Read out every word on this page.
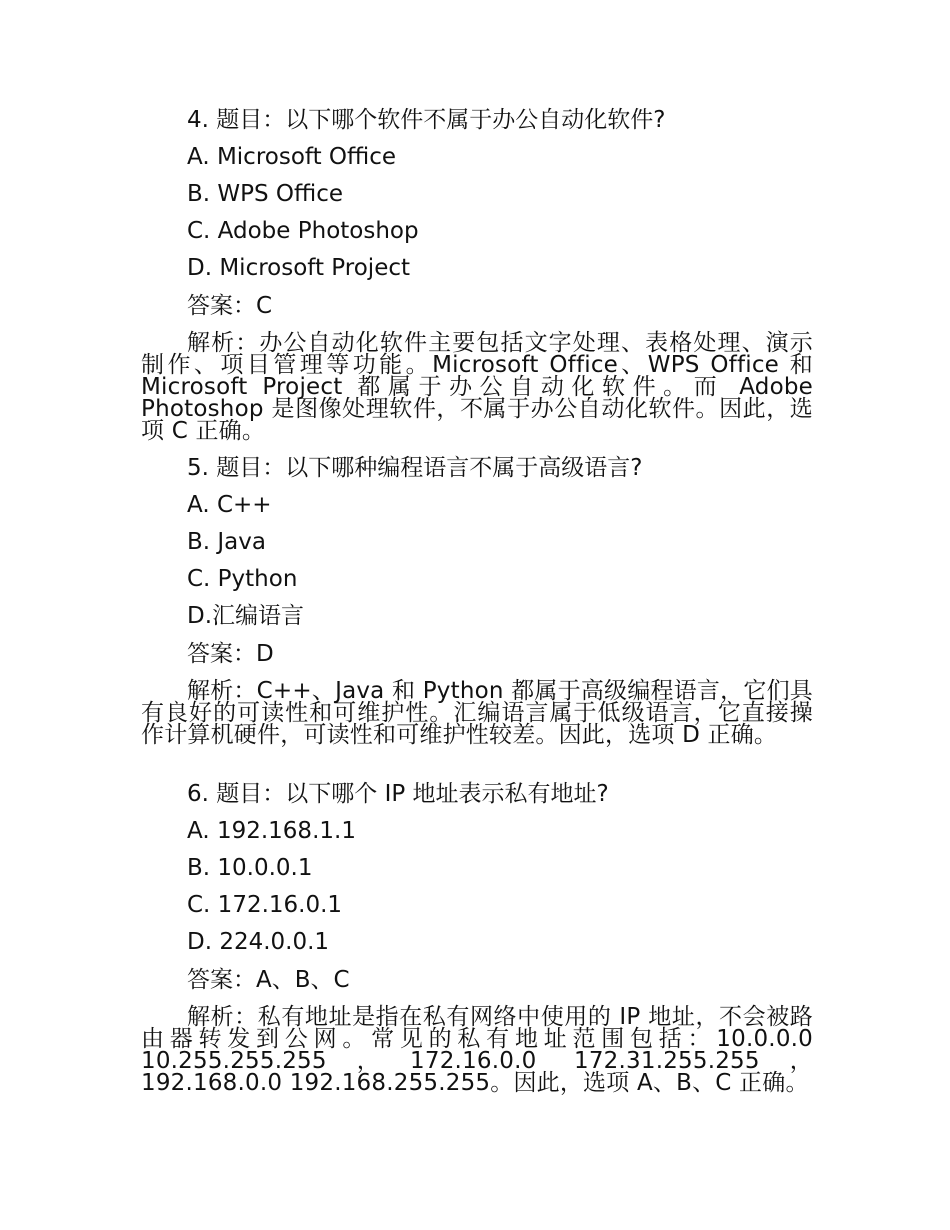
4. 题目：以下哪个软件不属于办公自动化软件?
A. Microsoft Office
B. WPS Office
C. Adobe Photoshop
D. Microsoft Project
答案：C
解析：办公自动化软件主要包括文字处理、表格处理、演示制作、项目管理等功能。Microsoft Office、WPS Office 和 Microsoft Project 都属于办公自动化软件。而 Adobe Photoshop 是图像处理软件，不属于办公自动化软件。因此，选项 C 正确。
5. 题目：以下哪种编程语言不属于高级语言?
A. C++
B. Java
C. Python
D.汇编语言
答案：D
解析：C++、Java 和 Python 都属于高级编程语言，它们具有良好的可读性和可维护性。汇编语言属于低级语言，它直接操作计算机硬件，可读性和可维护性较差。因此，选项 D 正确。
6. 题目：以下哪个 IP 地址表示私有地址?
A. 192.168.1.1
B. 10.0.0.1
C. 172.16.0.1
D. 224.0.0.1
答案：A、B、C
解析：私有地址是指在私有网络中使用的 IP 地址，不会被路由器转发到公网。常见的私有地址范围包括：10.0.0.0 10.255.255.255，172.16.0.0 172.31.255.255，192.168.0.0 192.168.255.255。因此，选项 A、B、C 正确。
